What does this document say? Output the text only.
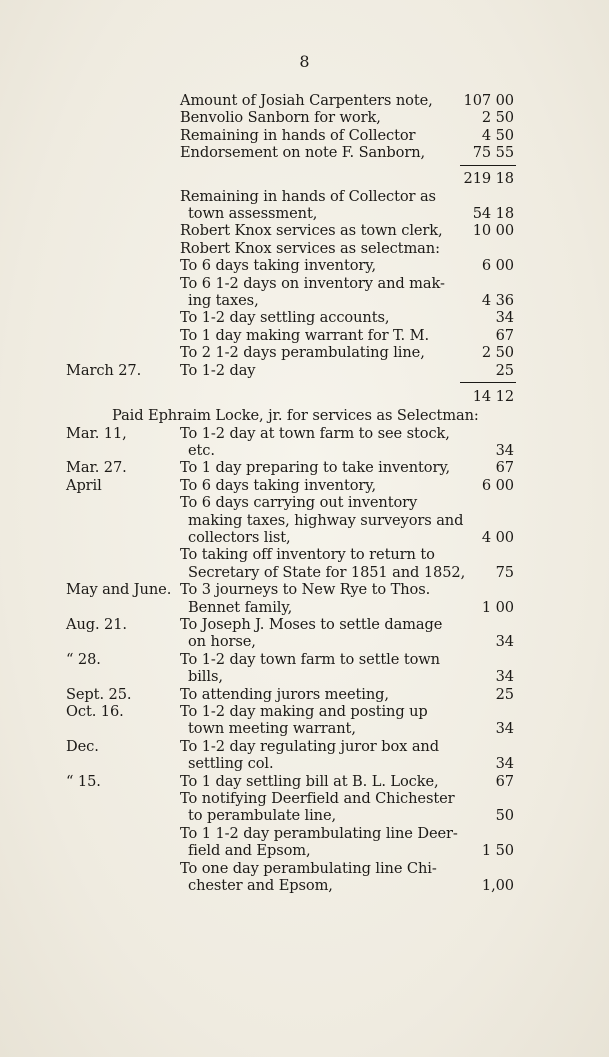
8
Amount of Josiah Carpenters note,	107 00
Benvolio Sanborn for work,	2 50
Remaining in hands of Collector	4 50
Endorsement on note F. Sanborn,	75 55
219 18
Remaining in hands of Collector as
town assessment,	54 18
Robert Knox services as town clerk,	10 00
Robert Knox services as selectman:
To 6 days taking inventory,	6 00
To 6 1-2 days on inventory and mak-
ing taxes,	4 36
To 1-2 day settling accounts,	34
To 1 day making warrant for T. M.	67
To 2 1-2 days perambulating line,	2 50
March 27.	To 1-2 day	25
14 12
Paid Ephraim Locke, jr. for services as Selectman:
Mar. 11,	To 1-2 day at town farm to see stock,
etc.	34
Mar. 27.	To 1 day preparing to take inventory,	67
April	To 6 days taking inventory,	6 00
To 6 days carrying out inventory
making taxes, highway surveyors and
collectors list,	4 00
To taking off inventory to return to
Secretary of State for 1851 and 1852, 75
May and June. To 3 journeys to New Rye to Thos.
Bennet family,	1 00
Aug. 21.	To Joseph J. Moses to settle damage
on horse,	34
“ 28.	To 1-2 day town farm to settle town
bills,	34
Sept. 25.	To attending jurors meeting,	25
Oct. 16.	To 1-2 day making and posting up
town meeting warrant,	34
Dec.	To 1-2 day regulating juror box and
settling col.	34
“ 15.	To 1 day settling bill at B. L. Locke,	67
To notifying Deerfield and Chichester
to perambulate line,	50
To 1 1-2 day perambulating line Deer-
field and Epsom,	1 50
To one day perambulating line Chi-
chester and Epsom,	1,00
